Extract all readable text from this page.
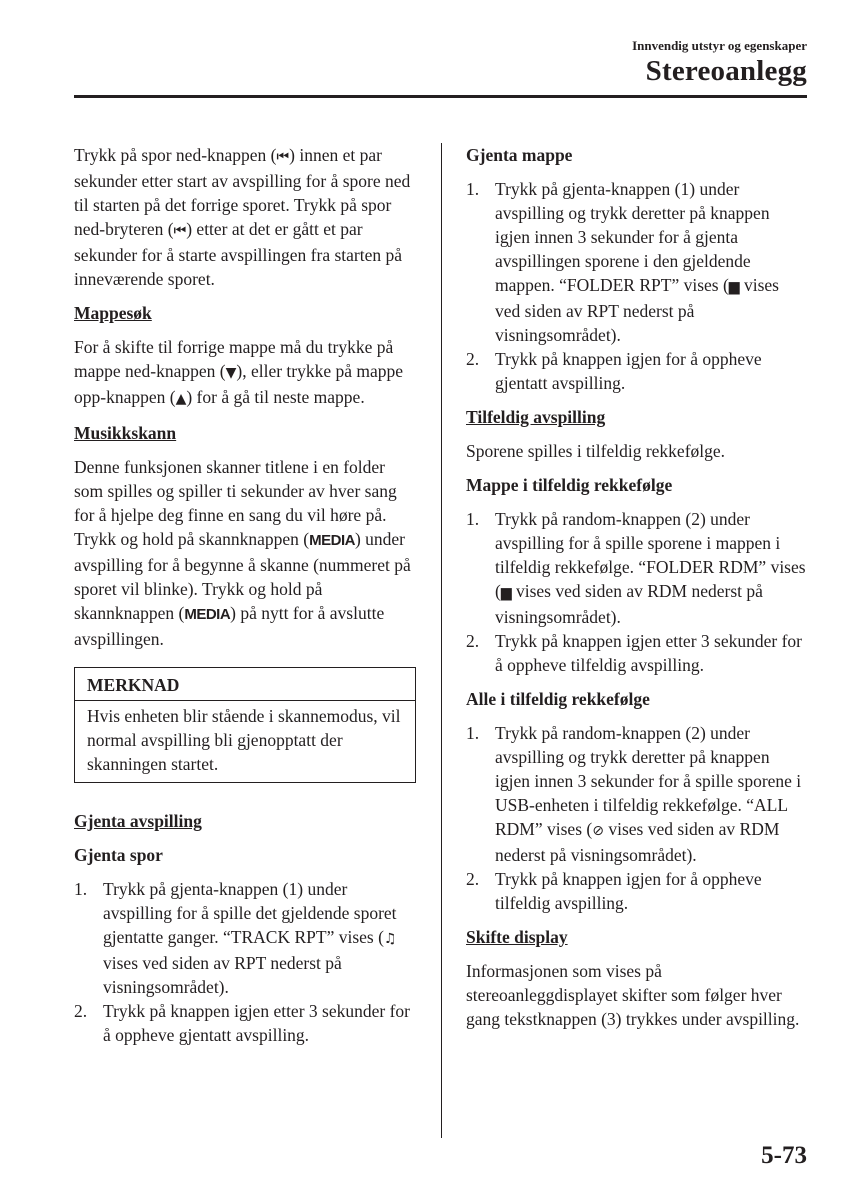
Innvendig utstyr og egenskaper
Stereoanlegg

Trykk på spor ned-knappen (⏮) innen et par sekunder etter start av avspilling for å spore ned til starten på det forrige sporet. Trykk på spor ned-bryteren (⏮) etter at det er gått et par sekunder for å starte avspillingen fra starten på inneværende sporet.

Mappesøk

For å skifte til forrige mappe må du trykke på mappe ned-knappen (▼), eller trykke på mappe opp-knappen (▲) for å gå til neste mappe.

Musikkskann

Denne funksjonen skanner titlene i en folder som spilles og spiller ti sekunder av hver sang for å hjelpe deg finne en sang du vil høre på.

Trykk og hold på skannknappen (MEDIA) under avspilling for å begynne å skanne (nummeret på sporet vil blinke). Trykk og hold på skannknappen (MEDIA) på nytt for å avslutte avspillingen.

MERKNAD
Hvis enheten blir stående i skannemodus, vil normal avspilling bli gjenopptatt der skanningen startet.

Gjenta avspilling

Gjenta spor

1. Trykk på gjenta-knappen (1) under avspilling for å spille det gjeldende sporet gjentatte ganger. “TRACK RPT” vises (♫ vises ved siden av RPT nederst på visningsområdet).
2. Trykk på knappen igjen etter 3 sekunder for å oppheve gjentatt avspilling.

Gjenta mappe

1. Trykk på gjenta-knappen (1) under avspilling og trykk deretter på knappen igjen innen 3 sekunder for å gjenta avspillingen sporene i den gjeldende mappen. “FOLDER RPT” vises (▆ vises ved siden av RPT nederst på visningsområdet).
2. Trykk på knappen igjen for å oppheve gjentatt avspilling.

Tilfeldig avspilling

Sporene spilles i tilfeldig rekkefølge.

Mappe i tilfeldig rekkefølge

1. Trykk på random-knappen (2) under avspilling for å spille sporene i mappen i tilfeldig rekkefølge. “FOLDER RDM” vises (▆ vises ved siden av RDM nederst på visningsområdet).
2. Trykk på knappen igjen etter 3 sekunder for å oppheve tilfeldig avspilling.

Alle i tilfeldig rekkefølge

1. Trykk på random-knappen (2) under avspilling og trykk deretter på knappen igjen innen 3 sekunder for å spille sporene i USB-enheten i tilfeldig rekkefølge. “ALL RDM” vises (⊘ vises ved siden av RDM nederst på visningsområdet).
2. Trykk på knappen igjen for å oppheve tilfeldig avspilling.

Skifte display

Informasjonen som vises på stereoanleggdisplayet skifter som følger hver gang tekstknappen (3) trykkes under avspilling.

5-73
